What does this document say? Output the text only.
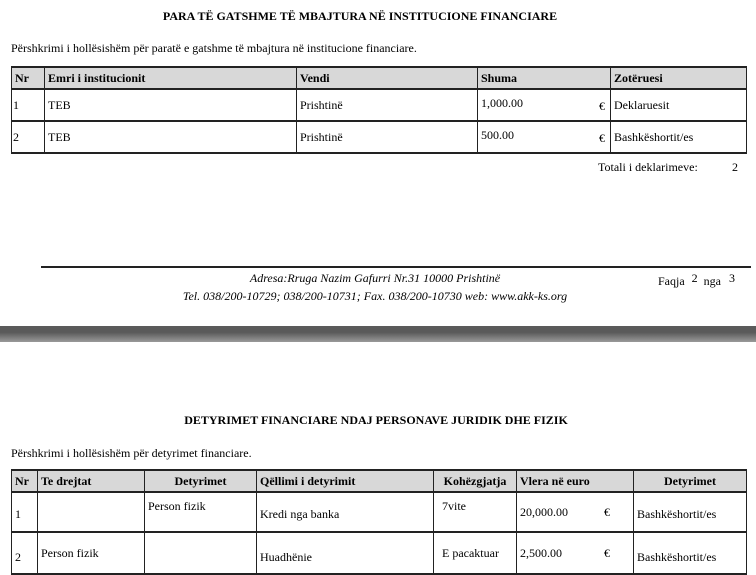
PARA TË GATSHME TË MBAJTURA NË INSTITUCIONE FINANCIARE
Përshkrimi i hollësishëm për paratë e gatshme të mbajtura në institucione financiare.
Nr	Emri i institucionit	Vendi	Shuma	Zotëruesi
1	TEB	Prishtinë	1,000.00 €	Deklaruesit
2	TEB	Prishtinë	500.00 €	Bashkëshortit/es
Totali i deklarimeve:	2
Adresa:Rruga Nazim Gafurri Nr.31 10000 Prishtinë
Tel. 038/200-10729; 038/200-10731; Fax. 038/200-10730 web: www.akk-ks.org
Faqja 2 nga 3
DETYRIMET FINANCIARE NDAJ PERSONAVE JURIDIK DHE FIZIK
Përshkrimi i hollësishëm për detyrimet financiare.
Nr	Te drejtat	Detyrimet	Qëllimi i detyrimit	Kohëzgjatja	Vlera në euro	Detyrimet
1		Person fizik	Kredi nga banka	7vite	20,000.00 €	Bashkëshortit/es
2	Person fizik		Huadhënie	E pacaktuar	2,500.00 €	Bashkëshortit/es
